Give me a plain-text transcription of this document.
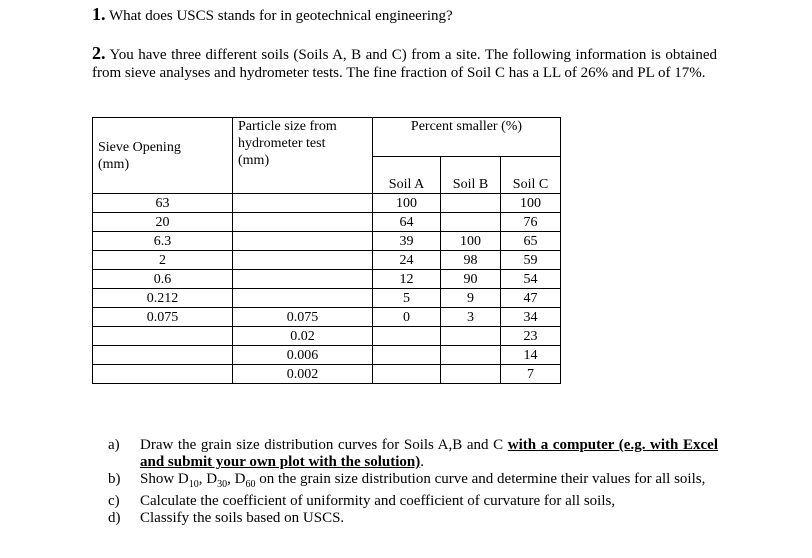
1. What does USCS stands for in geotechnical engineering?
2. You have three different soils (Soils A, B and C) from a site. The following information is obtained from sieve analyses and hydrometer tests. The fine fraction of Soil C has a LL of 26% and PL of 17%.
Sieve Opening (mm)	Particle size from hydrometer test (mm)	Percent smaller (%)		
		Soil A	Soil B	Soil C
63		100		100
20		64		76
6.3		39	100	65
2		24	98	59
0.6		12	90	54
0.212		5	9	47
0.075	0.075	0	3	34
	0.02			23
	0.006			14
	0.002			7
a)	Draw the grain size distribution curves for Soils A,B and C with a computer (e.g. with Excel and submit your own plot with the solution).
b)	Show $D_{10}$, $D_{30}$, $D_{60}$ on the grain size distribution curve and determine their values for all soils,
c)	Calculate the coefficient of uniformity and coefficient of curvature for all soils,
d)	Classify the soils based on USCS.
